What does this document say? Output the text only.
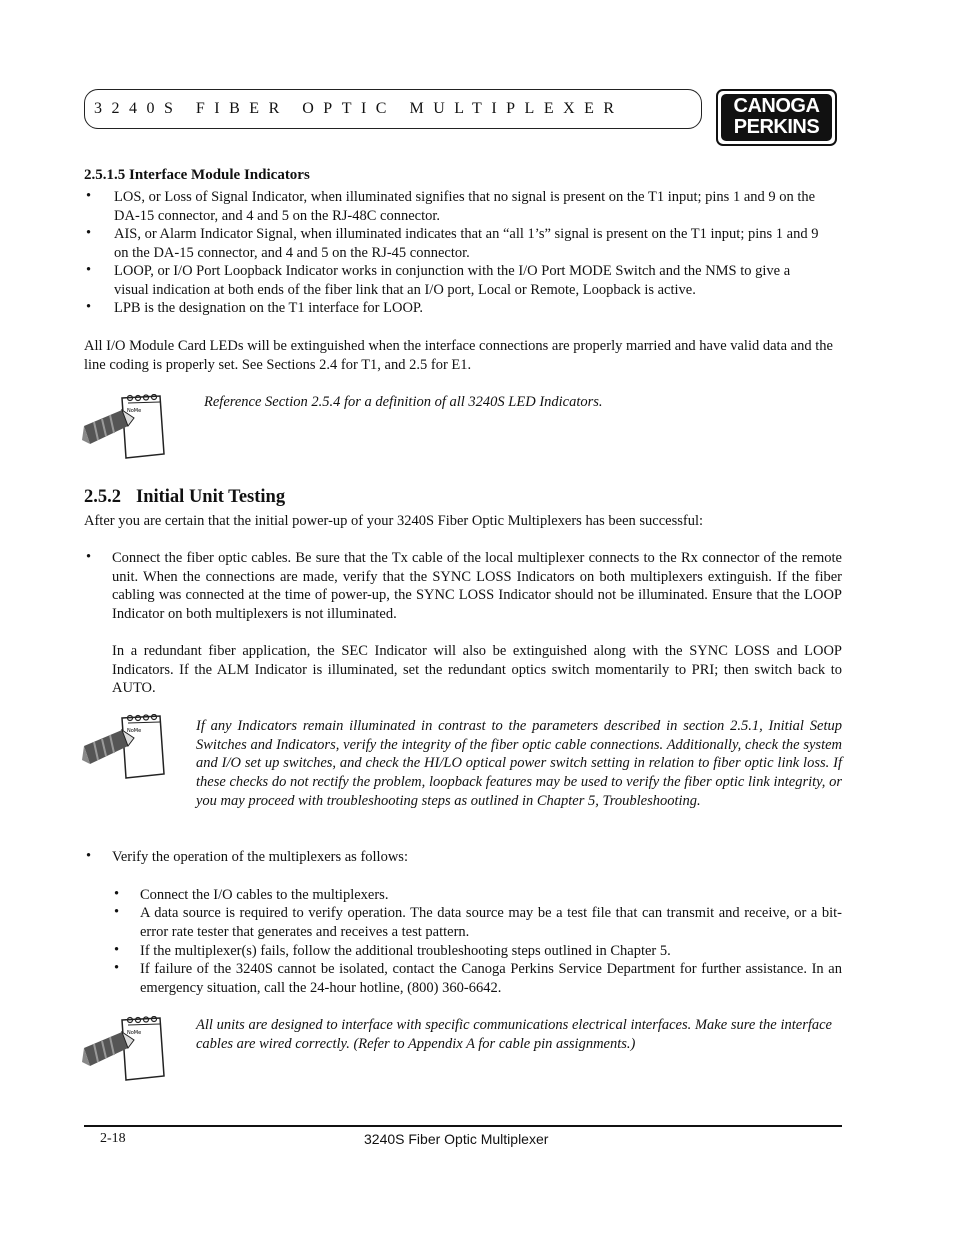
3240S FIBER OPTIC MULTIPLEXER	CANOGA
PERKINS
2.5.1.5 Interface Module Indicators
• LOS, or Loss of Signal Indicator, when illuminated signifies that no signal is present on the T1 input; pins 1 and 9 on the DA-15 connector, and 4 and 5 on the RJ-48C connector.
• AIS, or Alarm Indicator Signal, when illuminated indicates that an “all 1’s” signal is present on the T1 input; pins 1 and 9 on the DA-15 connector, and 4 and 5 on the RJ-45 connector.
• LOOP, or I/O Port Loopback Indicator works in conjunction with the I/O Port MODE Switch and the NMS to give a visual indication at both ends of the fiber link that an I/O port, Local or Remote, Loopback is active.
• LPB is the designation on the T1 interface for LOOP.
All I/O Module Card LEDs will be extinguished when the interface connections are properly married and have valid data and the line coding is properly set. See Sections 2.4 for T1, and 2.5 for E1.
NoMe
Reference Section 2.5.4 for a definition of all 3240S LED Indicators.
2.5.2 Initial Unit Testing
After you are certain that the initial power-up of your 3240S Fiber Optic Multiplexers has been successful:
• Connect the fiber optic cables. Be sure that the Tx cable of the local multiplexer connects to the Rx connector of the remote unit. When the connections are made, verify that the SYNC LOSS Indicators on both multiplexers extinguish. If the fiber cabling was connected at the time of power-up, the SYNC LOSS Indicator should not be illuminated. Ensure that the LOOP Indicator on both multiplexers is not illuminated.
In a redundant fiber application, the SEC Indicator will also be extinguished along with the SYNC LOSS and LOOP Indicators. If the ALM Indicator is illuminated, set the redundant optics switch momentarily to PRI; then switch back to AUTO.
NoMe	If any Indicators remain illuminated in contrast to the parameters described in section 2.5.1, Initial Setup Switches and Indicators, verify the integrity of the fiber optic cable connections. Additionally, check the system and I/O set up switches, and check the HI/LO optical power switch setting in relation to fiber optic link loss. If these checks do not rectify the problem, loopback features may be used to verify the fiber optic link integrity, or you may proceed with troubleshooting steps as outlined in Chapter 5, Troubleshooting.
• Verify the operation of the multiplexers as follows:
• Connect the I/O cables to the multiplexers.
• A data source is required to verify operation. The data source may be a test file that can transmit and receive, or a bit-error rate tester that generates and receives a test pattern.
• If the multiplexer(s) fails, follow the additional troubleshooting steps outlined in Chapter 5.
• If failure of the 3240S cannot be isolated, contact the Canoga Perkins Service Department for further assistance. In an emergency situation, call the 24-hour hotline, (800) 360-6642.
NoMe	All units are designed to interface with specific communications electrical interfaces. Make sure the interface cables are wired correctly. (Refer to Appendix A for cable pin assignments.)
2-18	3240S Fiber Optic Multiplexer
